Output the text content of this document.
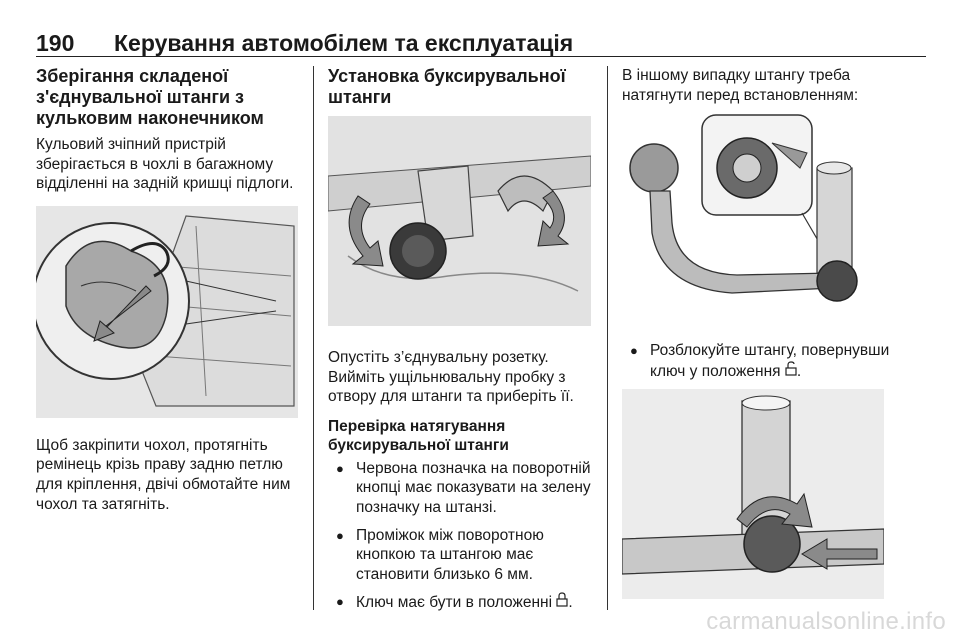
190 Керування автомобілем та експлуатація
Зберігання складеної з'єднувальної штанги з кульковим наконечником

Кульовий зчіпний пристрій зберігається в чохлі в багажному відділенні на задній кришці підлоги.

Щоб закріпити чохол, протягніть ремінець крізь праву задню петлю для кріплення, двічі обмотайте ним чохол та затягніть.

Установка буксирувальної штанги

Опустіть з’єднувальну розетку. Вийміть ущільнювальну пробку з отвору для штанги та приберіть її.

Перевірка натягування буксирувальної штанги
● Червона позначка на поворотній кнопці має показувати на зелену позначку на штанзі.
● Проміжок між поворотною кнопкою та штангою має становити близько 6 мм.
● Ключ має бути в положенні .

В іншому випадку штангу треба натягнути перед встановленням:

● Розблокуйте штангу, повернувши ключ у положення .
carmanualsonline.info
